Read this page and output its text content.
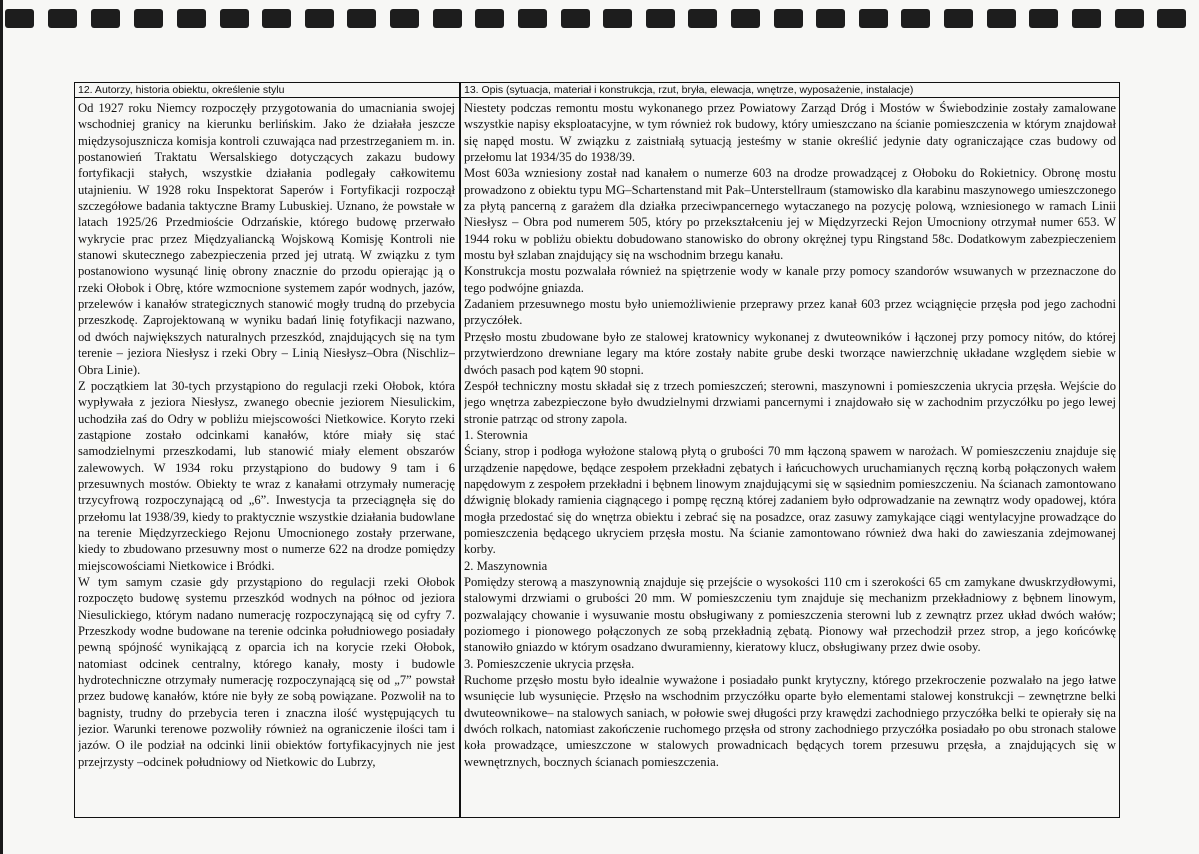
12. Autorzy, historia obiektu, określenie stylu	13. Opis (sytuacja, materiał i konstrukcja, rzut, bryła, elewacja, wnętrze, wyposażenie, instalacje)

Od 1927 roku Niemcy rozpoczęły przygotowania do umacniania swojej wschodniej granicy na kierunku berlińskim. Jako że działała jeszcze międzysojusznicza komisja kontroli czuwająca nad przestrzeganiem m. in. postanowień Traktatu Wersalskiego dotyczących zakazu budowy fortyfikacji stałych, wszystkie działania podlegały całkowitemu utajnieniu. W 1928 roku Inspektorat Saperów i Fortyfikacji rozpoczął szczegółowe badania taktyczne Bramy Lubuskiej. Uznano, że powstałe w latach 1925/26 Przedmioście Odrzańskie, którego budowę przerwało wykrycie prac przez Międzyaliancką Wojskową Komisję Kontroli nie stanowi skutecznego zabezpieczenia przed jej utratą. W związku z tym postanowiono wysunąć linię obrony znacznie do przodu opierając ją o rzeki Ołobok i Obrę, które wzmocnione systemem zapór wodnych, jazów, przelewów i kanałów strategicznych stanowić mogły trudną do przebycia przeszkodę. Zaprojektowaną w wyniku badań linię fotyfikacji nazwano, od dwóch największych naturalnych przeszkód, znajdujących się na tym terenie – jeziora Niesłysz i rzeki Obry – Linią Niesłysz–Obra (Nischliz–Obra Linie).

Z początkiem lat 30-tych przystąpiono do regulacji rzeki Ołobok, która wypływała z jeziora Niesłysz, zwanego obecnie jeziorem Niesulickim, uchodziła zaś do Odry w pobliżu miejscowości Nietkowice. Koryto rzeki zastąpione zostało odcinkami kanałów, które miały się stać samodzielnymi przeszkodami, lub stanowić miały element obszarów zalewowych. W 1934 roku przystąpiono do budowy 9 tam i 6 przesuwnych mostów. Obiekty te wraz z kanałami otrzymały numerację trzycyfrową rozpoczynającą od „6”. Inwestycja ta przeciągnęła się do przełomu lat 1938/39, kiedy to praktycznie wszystkie działania budowlane na terenie Międzyrzeckiego Rejonu Umocnionego zostały przerwane, kiedy to zbudowano przesuwny most o numerze 622 na drodze pomiędzy miejscowościami Nietkowice i Bródki.

W tym samym czasie gdy przystąpiono do regulacji rzeki Ołobok rozpoczęto budowę systemu przeszkód wodnych na północ od jeziora Niesulickiego, którym nadano numerację rozpoczynającą się od cyfry 7. Przeszkody wodne budowane na terenie odcinka południowego posiadały pewną spójność wynikającą z oparcia ich na korycie rzeki Ołobok, natomiast odcinek centralny, którego kanały, mosty i budowle hydrotechniczne otrzymały numerację rozpoczynającą się od „7” powstał przez budowę kanałów, które nie były ze sobą powiązane. Pozwolił na to bagnisty, trudny do przebycia teren i znaczna ilość występujących tu jezior. Warunki terenowe pozwoliły również na ograniczenie ilości tam i jazów. O ile podział na odcinki linii obiektów fortyfikacyjnych nie jest przejrzysty –odcinek południowy od Nietkowic do Lubrzy,

Niestety podczas remontu mostu wykonanego przez Powiatowy Zarząd Dróg i Mostów w Świebodzinie zostały zamalowane wszystkie napisy eksploatacyjne, w tym również rok budowy, który umieszczano na ścianie pomieszczenia w którym znajdował się napęd mostu. W związku z zaistniałą sytuacją jesteśmy w stanie określić jedynie daty ograniczające czas budowy od przełomu lat 1934/35 do 1938/39.

Most 603a wzniesiony został nad kanałem o numerze 603 na drodze prowadzącej z Ołoboku do Rokietnicy. Obronę mostu prowadzono z obiektu typu MG–Schartenstand mit Pak–Unterstellraum (stamowisko dla karabinu maszynowego umieszczonego za płytą pancerną z garażem dla działka przeciwpancernego wytaczanego na pozycję polową, wzniesionego w ramach Linii Niesłysz – Obra pod numerem 505, który po przekształceniu jej w Międzyrzecki Rejon Umocniony otrzymał numer 653. W 1944 roku w pobliżu obiektu dobudowano stanowisko do obrony okrężnej typu Ringstand 58c. Dodatkowym zabezpieczeniem mostu był szlaban znajdujący się na wschodnim brzegu kanału.

Konstrukcja mostu pozwalała również na spiętrzenie wody w kanale przy pomocy szandorów wsuwanych w przeznaczone do tego podwójne gniazda.

Zadaniem przesuwnego mostu było uniemożliwienie przeprawy przez kanał 603 przez wciągnięcie przęsła pod jego zachodni przyczółek.

Przęsło mostu zbudowane było ze stalowej kratownicy wykonanej z dwuteowników i łączonej przy pomocy nitów, do której przytwierdzono drewniane legary ma które zostały nabite grube deski tworzące nawierzchnię układane względem siebie w dwóch pasach pod kątem 90 stopni.

Zespół techniczny mostu składał się z trzech pomieszczeń; sterowni, maszynowni i pomieszczenia ukrycia przęsła. Wejście do jego wnętrza zabezpieczone było dwudzielnymi drzwiami pancernymi i znajdowało się w zachodnim przyczółku po jego lewej stronie patrząc od strony zapola.

1. Sterownia

Ściany, strop i podłoga wyłożone stalową płytą o grubości 70 mm łączoną spawem w narożach. W pomieszczeniu znajduje się urządzenie napędowe, będące zespołem przekładni zębatych i łańcuchowych uruchamianych ręczną korbą połączonych wałem napędowym z zespołem przekładni i bębnem linowym znajdującymi się w sąsiednim pomieszczeniu. Na ścianach zamontowano dźwignię blokady ramienia ciągnącego i pompę ręczną której zadaniem było odprowadzanie na zewnątrz wody opadowej, która mogła przedostać się do wnętrza obiektu i zebrać się na posadzce, oraz zasuwy zamykające ciągi wentylacyjne prowadzące do pomieszczenia będącego ukryciem przęsła mostu. Na ścianie zamontowano również dwa haki do zawieszania zdejmowanej korby.

2. Maszynownia

Pomiędzy sterową a maszynownią znajduje się przejście o wysokości 110 cm i szerokości 65 cm zamykane dwuskrzydłowymi, stalowymi drzwiami o grubości 20 mm. W pomieszczeniu tym znajduje się mechanizm przekładniowy z bębnem linowym, pozwalający chowanie i wysuwanie mostu obsługiwany z pomieszczenia sterowni lub z zewnątrz przez układ dwóch wałów; poziomego i pionowego połączonych ze sobą przekładnią zębatą. Pionowy wał przechodził przez strop, a jego końcówkę stanowiło gniazdo w którym osadzano dwuramienny, kieratowy klucz, obsługiwany przez dwie osoby.

3. Pomieszczenie ukrycia przęsła.

Ruchome przęsło mostu było idealnie wyważone i posiadało punkt krytyczny, którego przekroczenie pozwalało na jego łatwe wsunięcie lub wysunięcie. Przęsło na wschodnim przyczółku oparte było elementami stalowej konstrukcji – zewnętrzne belki dwuteownikowe– na stalowych saniach, w połowie swej długości przy krawędzi zachodniego przyczółka belki te opierały się na dwóch rolkach, natomiast zakończenie ruchomego przęsła od strony zachodniego przyczółka posiadało po obu stronach stalowe koła prowadzące, umieszczone w stalowych prowadnicach będących torem przesuwu przęsła, a znajdujących się w wewnętrznych, bocznych ścianach pomieszczenia.
